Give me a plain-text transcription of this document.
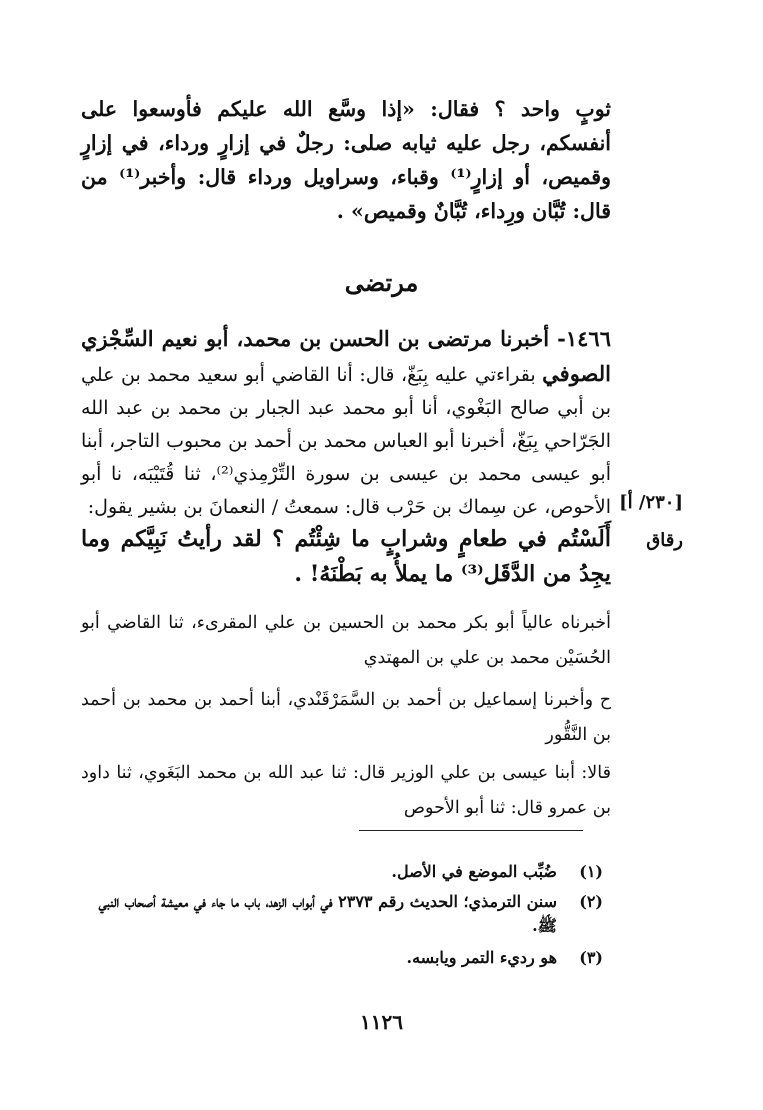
ثوبٍ واحد ؟ فقال: «إذا وسَّع الله عليكم فأوسعوا على أنفسكم، رجل عليه ثيابه صلى: رجلٌ في إزارٍ ورداء، في إزارٍ وقميص، أو إزارٍ⁽¹⁾ وقباء، وسراويل ورداء قال: وأخبر⁽¹⁾ من قال: تُبَّان ورِداء، تُبَّانٌ وقميص» .

مرتضى

١٤٦٦- أخبرنا مرتضى بن الحسن بن محمد، أبو نعيم السِّجْزي الصوفي بقراءتي عليه بِبَغّ، قال: أنا القاضي أبو سعيد محمد بن علي بن أبي صالح البَغْوي، أنا أبو محمد عبد الجبار بن محمد بن عبد الله الجَرّاحي بِبَغّ، أخبرنا أبو العباس محمد بن أحمد بن محبوب التاجر، أبنا أبو عيسى محمد بن عيسى بن سورة التِّرْمِذي⁽²⁾، ثنا قُتَيْبَه، نا أبو الأحوص، عن سِماك بن حَرْب قال: سمعتُ / النعمانَ بن بشير يقول: [٢٣٠/ أ]
رقاق

أَلَسْتُم في طعامٍ وشرابٍ ما شِئْتُم ؟ لقد رأيتُ نَبِيَّكم وما يجِدُ من الدَّقَل⁽³⁾ ما يملأُ به بَطْنَهُ! .

أخبرناه عالياً أبو بكر محمد بن الحسين بن علي المقرىء، ثنا القاضي أبو الحُسَيْن محمد بن علي بن المهتدي

ح وأخبرنا إسماعيل بن أحمد بن السَّمَرْقَنْدي، أبنا أحمد بن محمد بن أحمد بن النَّقُّور

قالا: أبنا عيسى بن علي الوزير قال: ثنا عبد الله بن محمد البَغَوي، ثنا داود بن عمرو قال: ثنا أبو الأحوص

(١)
ضُبِّب الموضع في الأصل.
(٢)
سنن الترمذي؛ الحديث رقم ٢٣٧٣ في أبواب الزهد، باب ما جاء في معيشة أصحاب النبي ﷺ.
(٣)
هو رديء التمر ويابسه.
١١٢٦
